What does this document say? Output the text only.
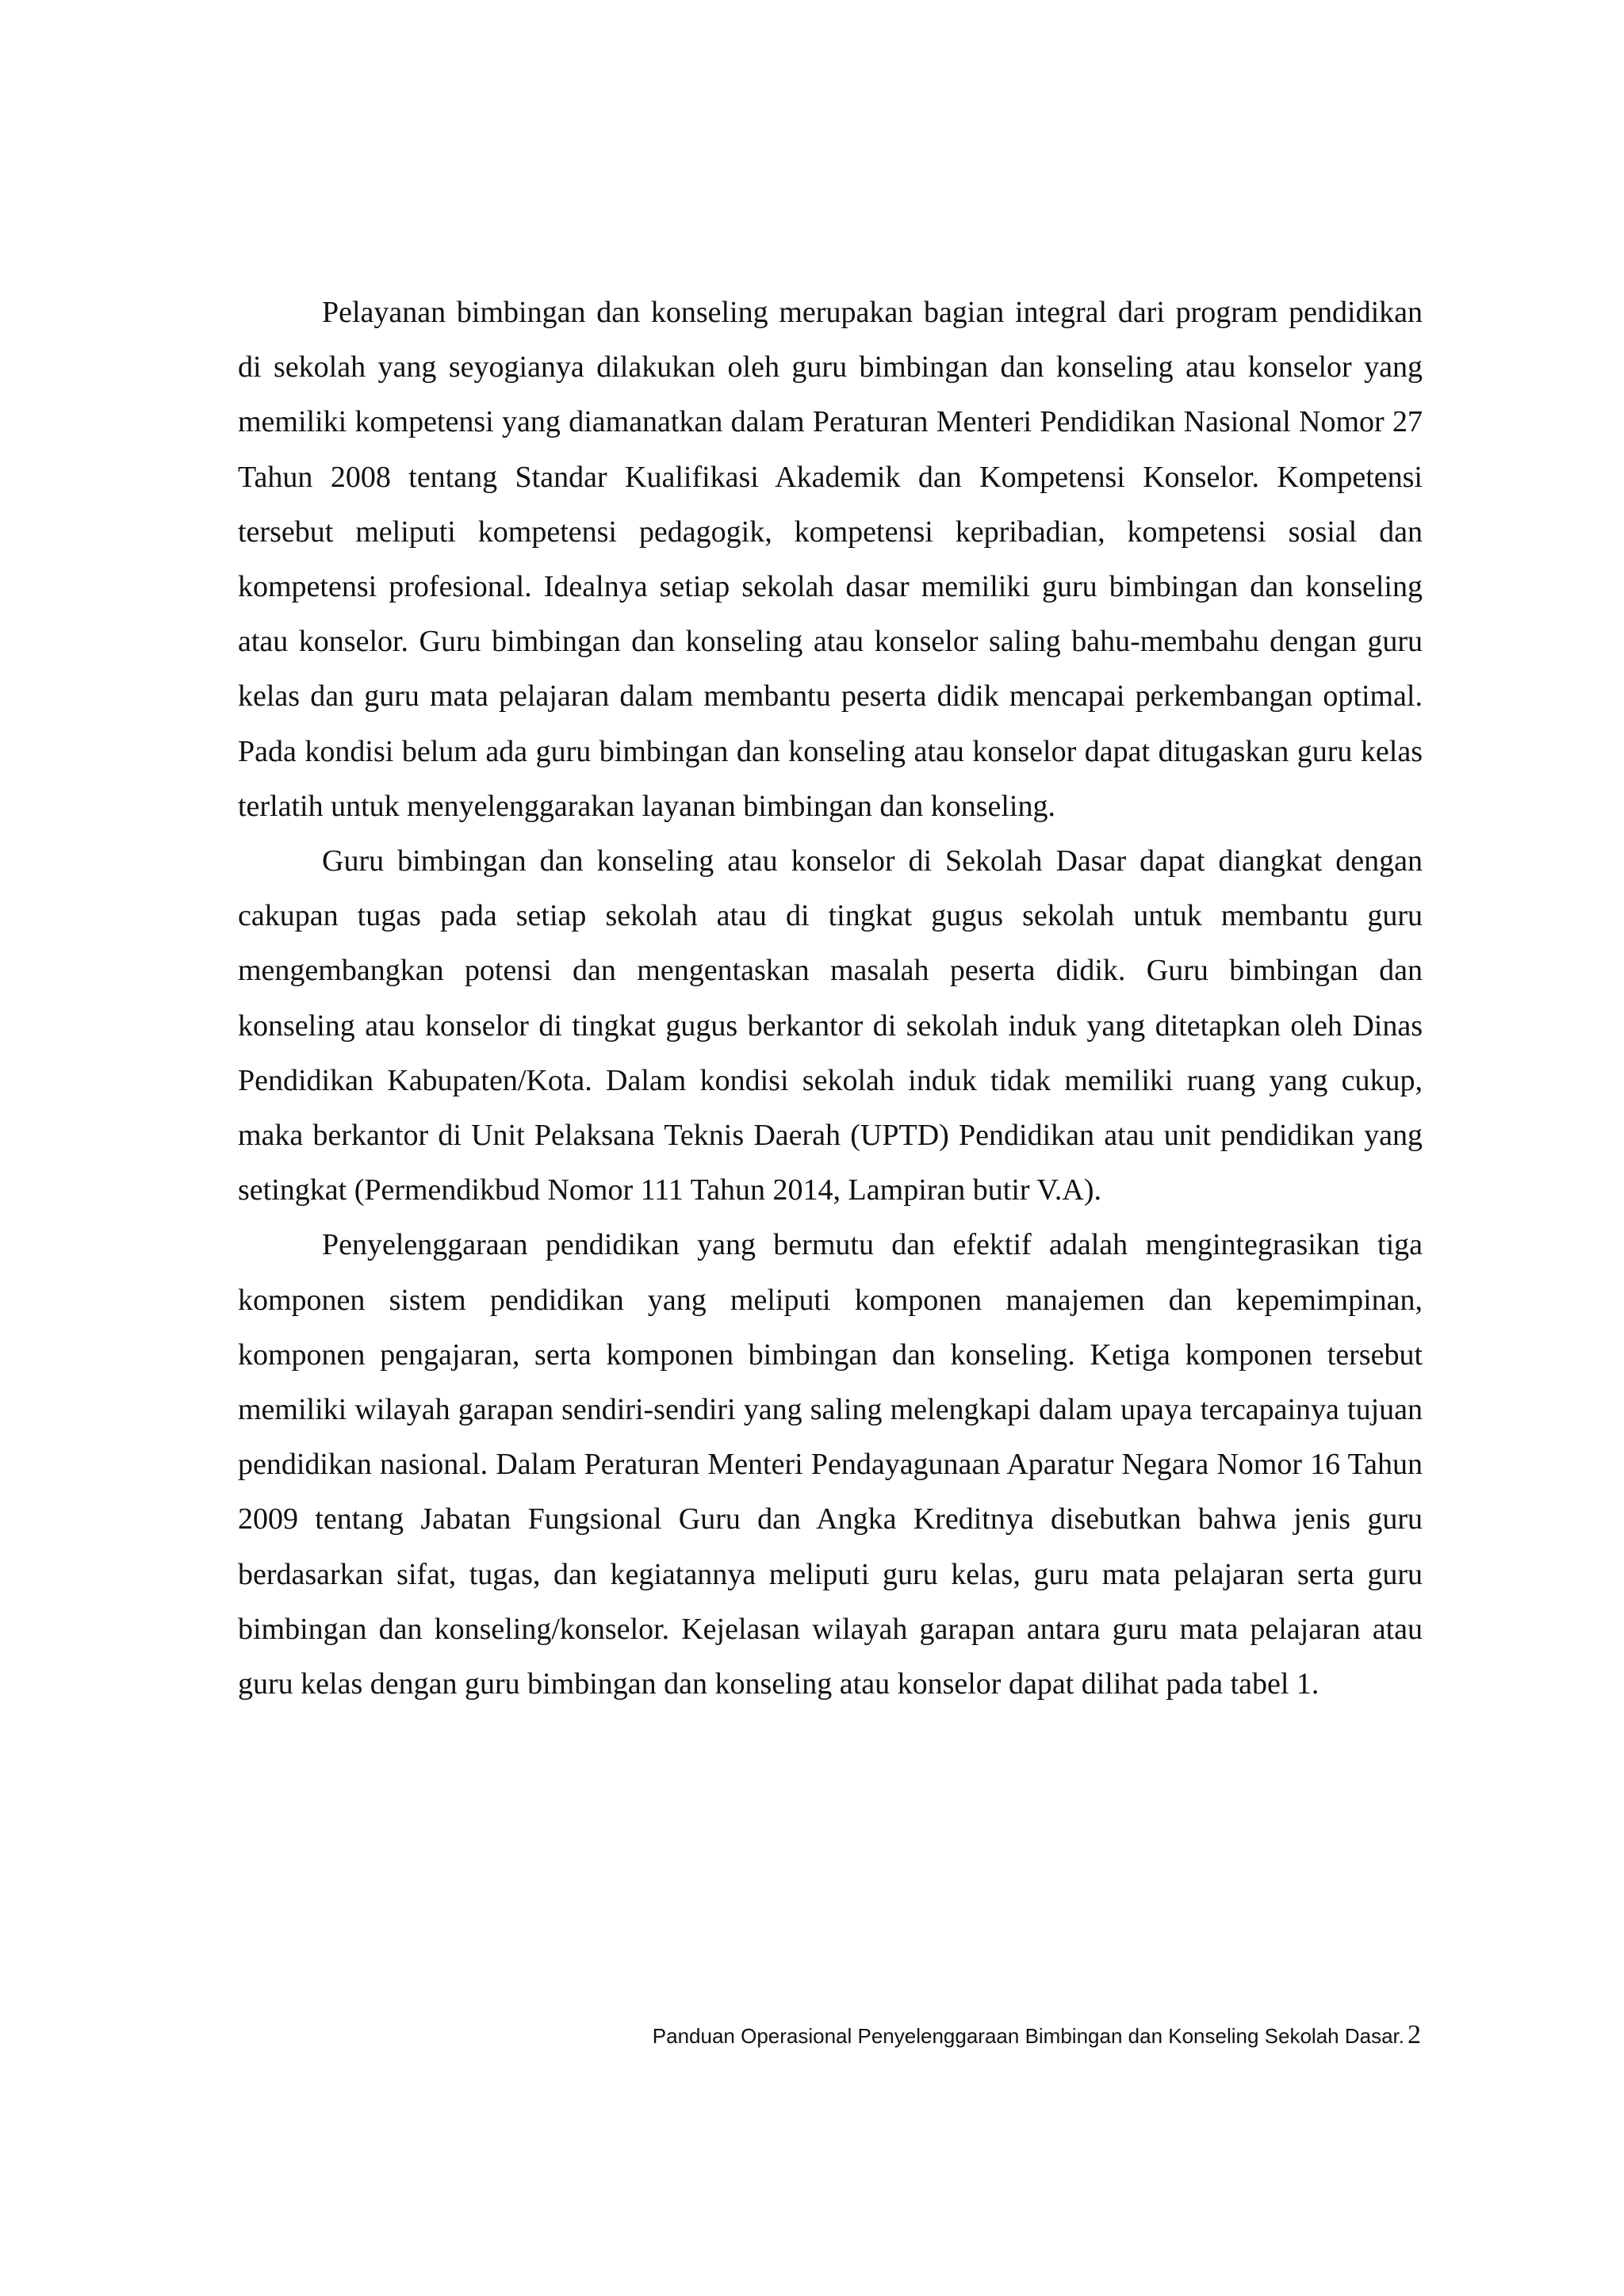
Pelayanan bimbingan dan konseling merupakan bagian integral dari program pendidikan di sekolah yang seyogianya dilakukan oleh guru bimbingan dan konseling atau konselor yang memiliki kompetensi yang diamanatkan dalam Peraturan Menteri Pendidikan Nasional Nomor 27 Tahun 2008 tentang Standar Kualifikasi Akademik dan Kompetensi Konselor. Kompetensi tersebut meliputi kompetensi pedagogik, kompetensi kepribadian, kompetensi sosial dan kompetensi profesional. Idealnya setiap sekolah dasar memiliki guru bimbingan dan konseling atau konselor. Guru bimbingan dan konseling atau konselor saling bahu-membahu dengan guru kelas dan guru mata pelajaran dalam membantu peserta didik mencapai perkembangan optimal. Pada kondisi belum ada guru bimbingan dan konseling atau konselor dapat ditugaskan guru kelas terlatih untuk menyelenggarakan layanan bimbingan dan konseling.

Guru bimbingan dan konseling atau konselor di Sekolah Dasar dapat diangkat dengan cakupan tugas pada setiap sekolah atau di tingkat gugus sekolah untuk membantu guru mengembangkan potensi dan mengentaskan masalah peserta didik. Guru bimbingan dan konseling atau konselor di tingkat gugus berkantor di sekolah induk yang ditetapkan oleh Dinas Pendidikan Kabupaten/Kota. Dalam kondisi sekolah induk tidak memiliki ruang yang cukup, maka berkantor di Unit Pelaksana Teknis Daerah (UPTD) Pendidikan atau unit pendidikan yang setingkat (Permendikbud Nomor 111 Tahun 2014, Lampiran butir V.A).

Penyelenggaraan pendidikan yang bermutu dan efektif adalah mengintegrasikan tiga komponen sistem pendidikan yang meliputi komponen manajemen dan kepemimpinan, komponen pengajaran, serta komponen bimbingan dan konseling. Ketiga komponen tersebut memiliki wilayah garapan sendiri-sendiri yang saling melengkapi dalam upaya tercapainya tujuan pendidikan nasional. Dalam Peraturan Menteri Pendayagunaan Aparatur Negara Nomor 16 Tahun 2009 tentang Jabatan Fungsional Guru dan Angka Kreditnya disebutkan bahwa jenis guru berdasarkan sifat, tugas, dan kegiatannya meliputi guru kelas, guru mata pelajaran serta guru bimbingan dan konseling/konselor. Kejelasan wilayah garapan antara guru mata pelajaran atau guru kelas dengan guru bimbingan dan konseling atau konselor dapat dilihat pada tabel 1.

Panduan Operasional Penyelenggaraan Bimbingan dan Konseling Sekolah Dasar. 2
